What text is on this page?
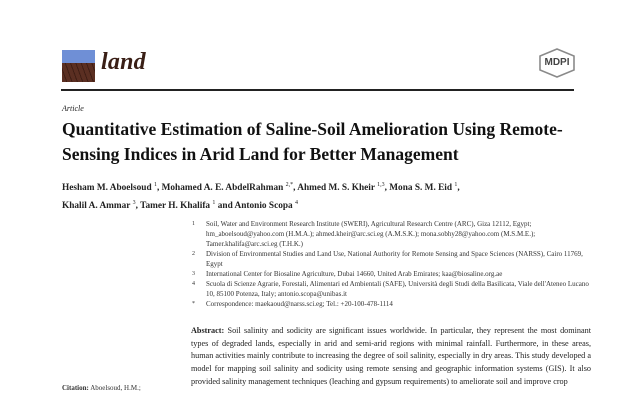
land	MDPI
Article
Quantitative Estimation of Saline-Soil Amelioration Using Remote-Sensing Indices in Arid Land for Better Management
Hesham M. Aboelsoud $^1$, Mohamed A. E. AbdelRahman $^{2,*}$, Ahmed M. S. Kheir $^{1,3}$, Mona S. M. Eid $^1$,
Khalil A. Ammar $^3$, Tamer H. Khalifa $^1$ and Antonio Scopa $^4$
1 Soil, Water and Environment Research Institute (SWERI), Agricultural Research Centre (ARC), Giza 12112, Egypt; hm_aboelsoud@yahoo.com (H.M.A.); ahmed.kheir@arc.sci.eg (A.M.S.K.); mona.sobhy28@yahoo.com (M.S.M.E.); Tamer.khalifa@arc.sci.eg (T.H.K.)
2 Division of Environmental Studies and Land Use, National Authority for Remote Sensing and Space Sciences (NARSS), Cairo 11769, Egypt
3 International Center for Biosaline Agriculture, Dubai 14660, United Arab Emirates; kaa@biosaline.org.ae
4 Scuola di Scienze Agrarie, Forestali, Alimentari ed Ambientali (SAFE), Università degli Studi della Basilicata, Viale dell'Ateneo Lucano 10, 85100 Potenza, Italy; antonio.scopa@unibas.it
* Correspondence: maekaoud@narss.sci.eg; Tel.: +20-100-478-1114
Abstract: Soil salinity and sodicity are significant issues worldwide. In particular, they represent the most dominant types of degraded lands, especially in arid and semi-arid regions with minimal rainfall. Furthermore, in these areas, human activities mainly contribute to increasing the degree of soil salinity, especially in dry areas. This study developed a model for mapping soil salinity and sodicity using remote sensing and geographic information systems (GIS). It also provided salinity management techniques (leaching and gypsum requirements) to ameliorate soil and improve crop
Citation: Aboelsoud, H.M.;
